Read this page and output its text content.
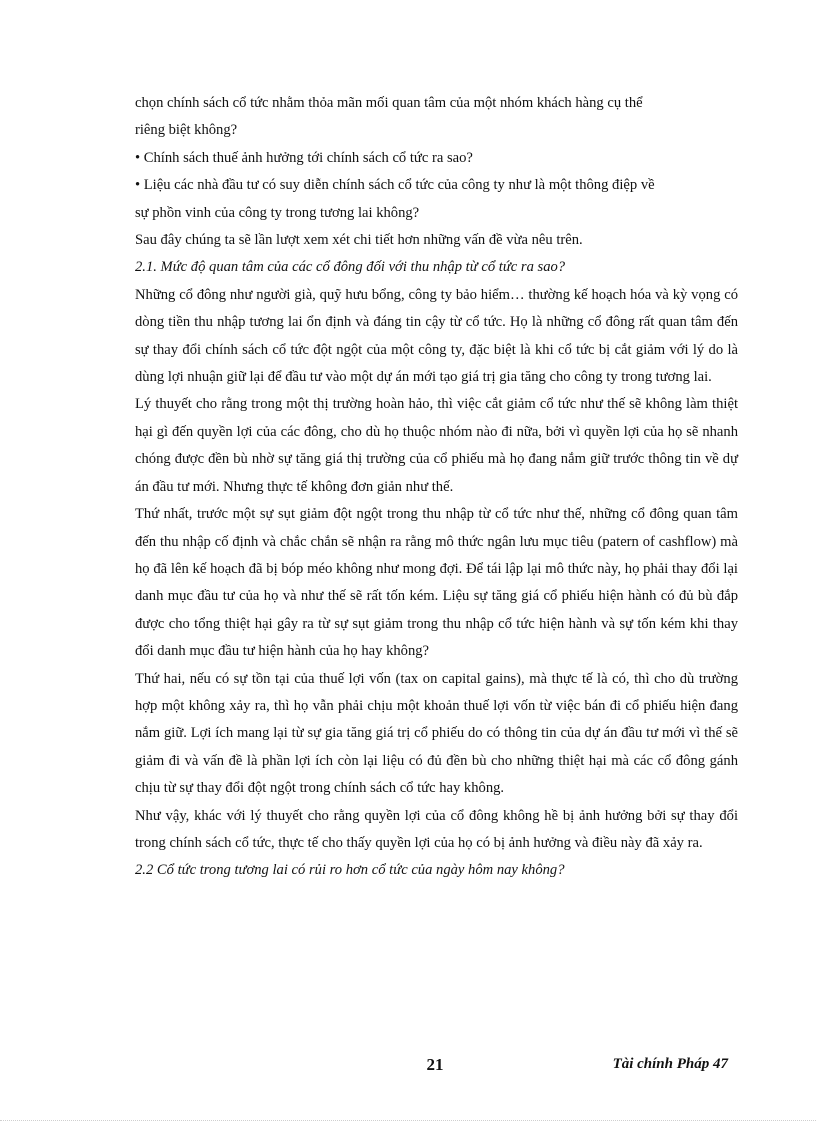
chọn chính sách cổ tức nhằm thỏa mãn mối quan tâm của một nhóm khách hàng cụ thể

riêng biệt không?

• Chính sách thuế ảnh hưởng tới chính sách cổ tức ra sao?

• Liệu các nhà đầu tư có suy diễn chính sách cổ tức của công ty như là một thông điệp về

sự phồn vinh của công ty trong tương lai không?

Sau đây chúng ta sẽ lần lượt xem xét chi tiết hơn những vấn đề vừa nêu trên.

2.1. Mức độ quan tâm của các cổ đông đối với thu nhập từ cổ tức ra sao?

Những cổ đông như người già, quỹ hưu bổng, công ty bảo hiểm… thường kế hoạch hóa và kỳ vọng có dòng tiền thu nhập tương lai ổn định và đáng tin cậy từ cổ tức. Họ là những cổ đông rất quan tâm đến sự thay đổi chính sách cổ tức đột ngột của một công ty, đặc biệt là khi cổ tức bị cắt giảm với lý do là dùng lợi nhuận giữ lại để đầu tư vào một dự án mới tạo giá trị gia tăng cho công ty trong tương lai.

Lý thuyết cho rằng trong một thị trường hoàn hảo, thì việc cắt giảm cổ tức như thế sẽ không làm thiệt hại gì đến quyền lợi của các đông, cho dù họ thuộc nhóm nào đi nữa, bởi vì quyền lợi của họ sẽ nhanh chóng được đền bù nhờ sự tăng giá thị trường của cổ phiếu mà họ đang nắm giữ trước thông tin về dự án đầu tư mới. Nhưng thực tế không đơn giản như thế.

Thứ nhất, trước một sự sụt giảm đột ngột trong thu nhập từ cổ tức như thế, những cổ đông quan tâm đến thu nhập cố định và chắc chắn sẽ nhận ra rằng mô thức ngân lưu mục tiêu (patern of cashflow) mà họ đã lên kế hoạch đã bị bóp méo không như mong đợi. Để tái lập lại mô thức này, họ phải thay đổi lại danh mục đầu tư của họ và như thế sẽ rất tốn kém. Liệu sự tăng giá cổ phiếu hiện hành có đủ bù đắp được cho tổng thiệt hại gây ra từ sự sụt giảm trong thu nhập cổ tức hiện hành và sự tốn kém khi thay đổi danh mục đầu tư hiện hành của họ hay không?

Thứ hai, nếu có sự tồn tại của thuế lợi vốn (tax on capital gains), mà thực tế là có, thì cho dù trường hợp một không xảy ra, thì họ vẫn phải chịu một khoản thuế lợi vốn từ việc bán đi cổ phiếu hiện đang nắm giữ. Lợi ích mang lại từ sự gia tăng giá trị cổ phiếu do có thông tin của dự án đầu tư mới vì thế sẽ giảm đi và vấn đề là phần lợi ích còn lại liệu có đủ đền bù cho những thiệt hại mà các cổ đông gánh chịu từ sự thay đổi đột ngột trong chính sách cổ tức hay không.

Như vậy, khác với lý thuyết cho rằng quyền lợi của cổ đông không hề bị ảnh hưởng bởi sự thay đổi trong chính sách cổ tức, thực tế cho thấy quyền lợi của họ có bị ảnh hưởng và điều này đã xảy ra.

2.2 Cổ tức trong tương lai có rủi ro hơn cổ tức của ngày hôm nay không?

21	Tài chính Pháp 47
